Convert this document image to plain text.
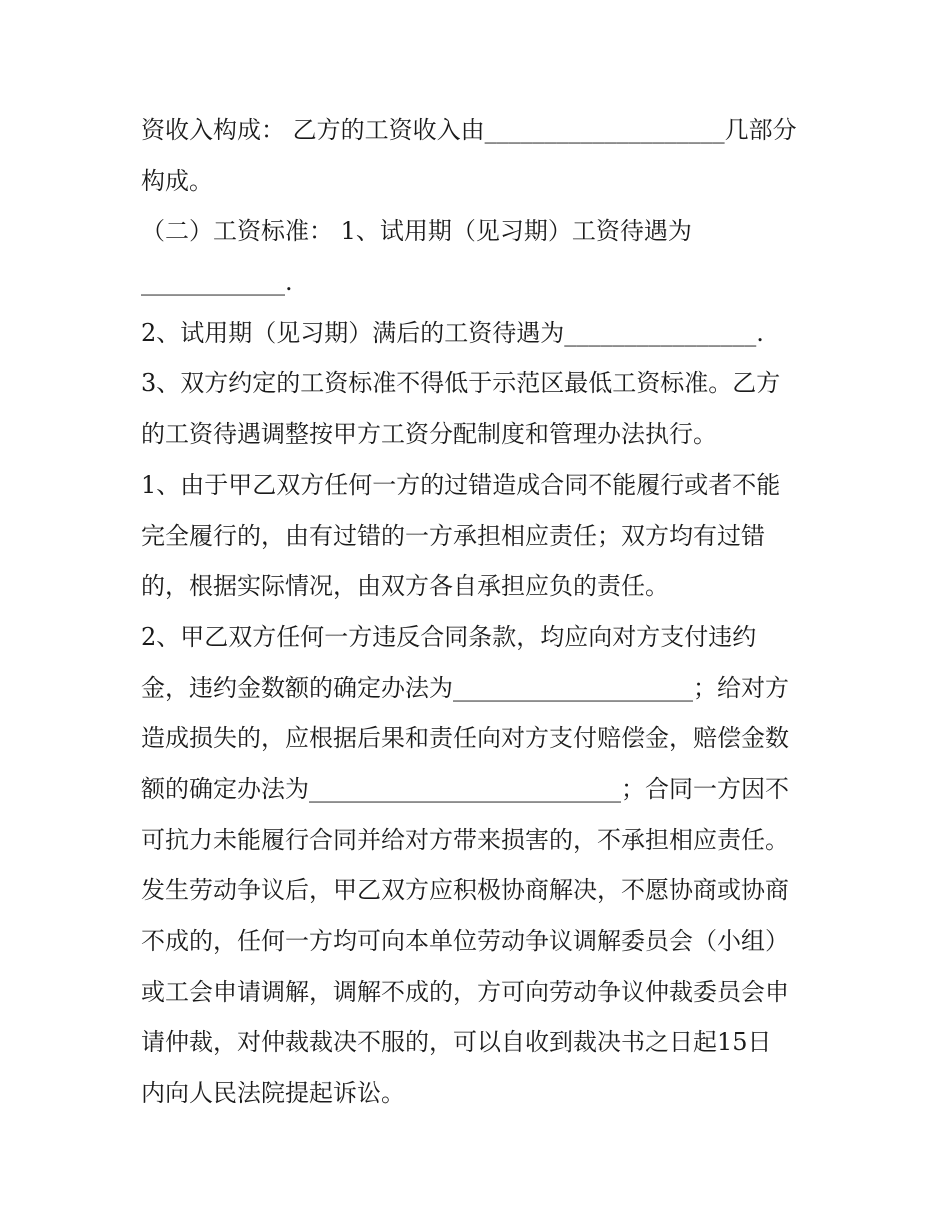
资收入构成： 乙方的工资收入由____________________几部分
构成。
（二）工资标准： 1、试用期（见习期）工资待遇为
____________.
2、试用期（见习期）满后的工资待遇为________________.
3、双方约定的工资标准不得低于示范区最低工资标准。乙方
的工资待遇调整按甲方工资分配制度和管理办法执行。
1、由于甲乙双方任何一方的过错造成合同不能履行或者不能
完全履行的，由有过错的一方承担相应责任；双方均有过错
的，根据实际情况，由双方各自承担应负的责任。
2、甲乙双方任何一方违反合同条款，均应向对方支付违约
金，违约金数额的确定办法为____________________；给对方
造成损失的，应根据后果和责任向对方支付赔偿金，赔偿金数
额的确定办法为__________________________；合同一方因不
可抗力未能履行合同并给对方带来损害的，不承担相应责任。
发生劳动争议后，甲乙双方应积极协商解决，不愿协商或协商
不成的，任何一方均可向本单位劳动争议调解委员会（小组）
或工会申请调解，调解不成的，方可向劳动争议仲裁委员会申
请仲裁，对仲裁裁决不服的，可以自收到裁决书之日起15日
内向人民法院提起诉讼。
